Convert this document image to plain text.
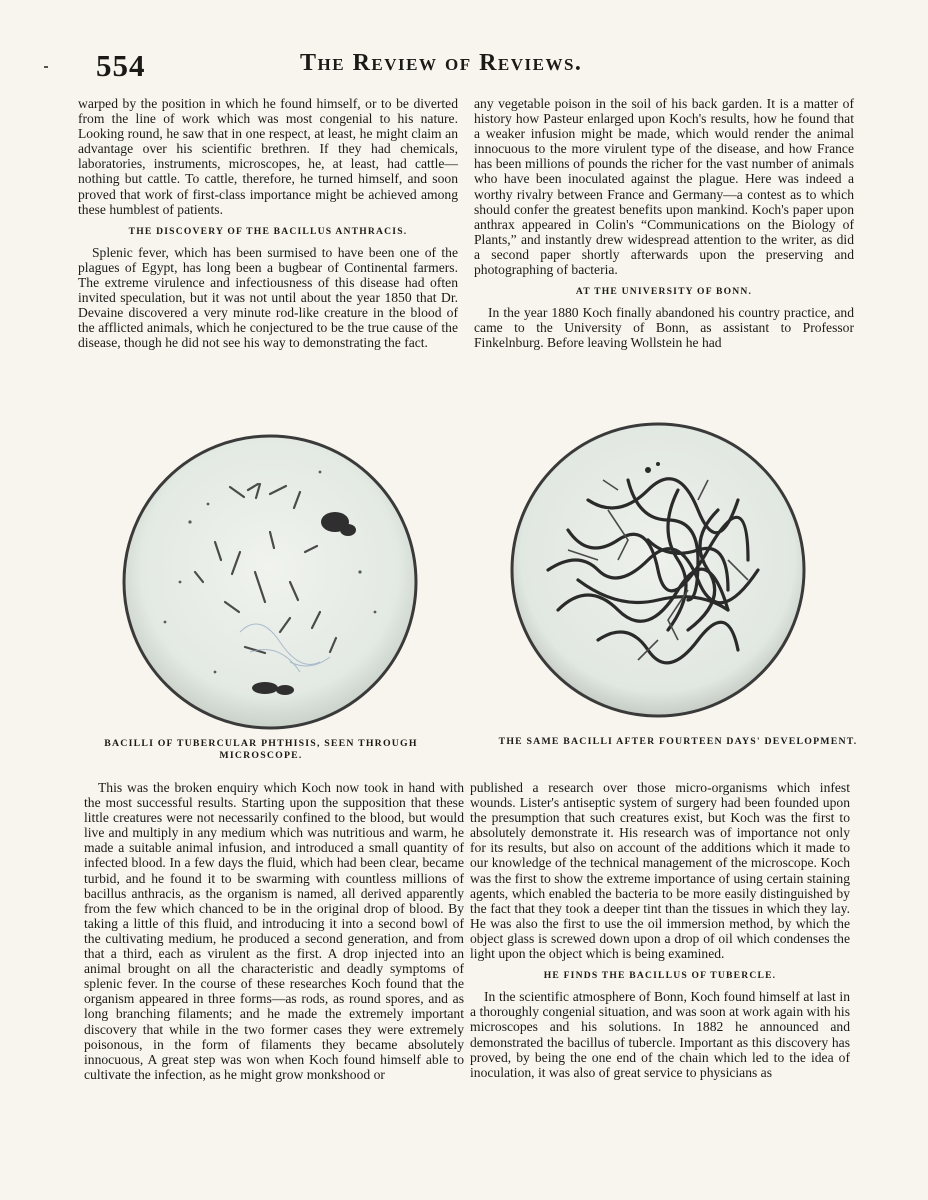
554	The Review of Reviews.

warped by the position in which he found himself, or to be diverted from the line of work which was most congenial to his nature. Looking round, he saw that in one respect, at least, he might claim an advantage over his scientific brethren. If they had chemicals, laboratories, instruments, microscopes, he, at least, had cattle—nothing but cattle. To cattle, therefore, he turned himself, and soon proved that work of first-class importance might be achieved among these humblest of patients.

THE DISCOVERY OF THE BACILLUS ANTHRACIS.

Splenic fever, which has been surmised to have been one of the plagues of Egypt, has long been a bugbear of Continental farmers. The extreme virulence and infectiousness of this disease had often invited speculation, but it was not until about the year 1850 that Dr. Devaine discovered a very minute rod-like creature in the blood of the afflicted animals, which he conjectured to be the true cause of the disease, though he did not see his way to demonstrating the fact.

any vegetable poison in the soil of his back garden. It is a matter of history how Pasteur enlarged upon Koch's results, how he found that a weaker infusion might be made, which would render the animal innocuous to the more virulent type of the disease, and how France has been millions of pounds the richer for the vast number of animals who have been inoculated against the plague. Here was indeed a worthy rivalry between France and Germany—a contest as to which should confer the greatest benefits upon mankind. Koch's paper upon anthrax appeared in Colin's “Communications on the Biology of Plants,” and instantly drew widespread attention to the writer, as did a second paper shortly afterwards upon the preserving and photographing of bacteria.

AT THE UNIVERSITY OF BONN.

In the year 1880 Koch finally abandoned his country practice, and came to the University of Bonn, as assistant to Professor Finkelnburg. Before leaving Wollstein he had

BACILLI OF TUBERCULAR PHTHISIS, SEEN THROUGH MICROSCOPE.
THE SAME BACILLI AFTER FOURTEEN DAYS' DEVELOPMENT.

This was the broken enquiry which Koch now took in hand with the most successful results. Starting upon the supposition that these little creatures were not necessarily confined to the blood, but would live and multiply in any medium which was nutritious and warm, he made a suitable animal infusion, and introduced a small quantity of infected blood. In a few days the fluid, which had been clear, became turbid, and he found it to be swarming with countless millions of bacillus anthracis, as the organism is named, all derived apparently from the few which chanced to be in the original drop of blood. By taking a little of this fluid, and introducing it into a second bowl of the cultivating medium, he produced a second generation, and from that a third, each as virulent as the first. A drop injected into an animal brought on all the characteristic and deadly symptoms of splenic fever. In the course of these researches Koch found that the organism appeared in three forms—as rods, as round spores, and as long branching filaments; and he made the extremely important discovery that while in the two former cases they were extremely poisonous, in the form of filaments they became absolutely innocuous, A great step was won when Koch found himself able to cultivate the infection, as he might grow monkshood or

published a research over those micro-organisms which infest wounds. Lister's antiseptic system of surgery had been founded upon the presumption that such creatures exist, but Koch was the first to absolutely demonstrate it. His research was of importance not only for its results, but also on account of the additions which it made to our knowledge of the technical management of the microscope. Koch was the first to show the extreme importance of using certain staining agents, which enabled the bacteria to be more easily distinguished by the fact that they took a deeper tint than the tissues in which they lay. He was also the first to use the oil immersion method, by which the object glass is screwed down upon a drop of oil which condenses the light upon the object which is being examined.

HE FINDS THE BACILLUS OF TUBERCLE.

In the scientific atmosphere of Bonn, Koch found himself at last in a thoroughly congenial situation, and was soon at work again with his microscopes and his solutions. In 1882 he announced and demonstrated the bacillus of tubercle. Important as this discovery has proved, by being the one end of the chain which led to the idea of inoculation, it was also of great service to physicians as
